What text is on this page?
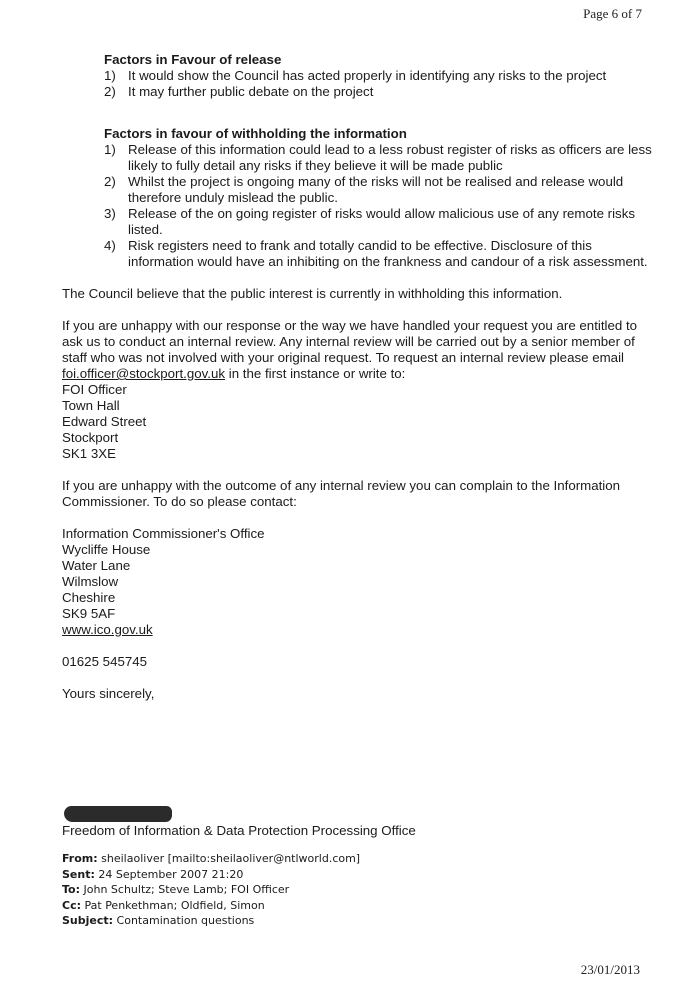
Page 6 of 7
Factors in Favour of release
1) It would show the Council has acted properly in identifying any risks to the project
2) It may further public debate on the project
Factors in favour of withholding the information
1) Release of this information could lead to a less robust register of risks as officers are less likely to fully detail any risks if they believe it will be made public
2) Whilst the project is ongoing many of the risks will not be realised and release would therefore unduly mislead the public.
3) Release of the on going register of risks would allow malicious use of any remote risks listed.
4) Risk registers need to frank and totally candid to be effective. Disclosure of this information would have an inhibiting on the frankness and candour of a risk assessment.
The Council believe that the public interest is currently in withholding this information.
If you are unhappy with our response or the way we have handled your request you are entitled to ask us to conduct an internal review. Any internal review will be carried out by a senior member of staff who was not involved with your original request. To request an internal review please email foi.officer@stockport.gov.uk in the first instance or write to:
FOI Officer
Town Hall
Edward Street
Stockport
SK1 3XE
If you are unhappy with the outcome of any internal review you can complain to the Information Commissioner. To do so please contact:
Information Commissioner's Office
Wycliffe House
Water Lane
Wilmslow
Cheshire
SK9 5AF
www.ico.gov.uk
01625 545745
Yours sincerely,
Freedom of Information & Data Protection Processing Office
From: sheilaoliver [mailto:sheilaoliver@ntlworld.com]
Sent: 24 September 2007 21:20
To: John Schultz; Steve Lamb; FOI Officer
Cc: Pat Penkethman; Oldfield, Simon
Subject: Contamination questions
23/01/2013
